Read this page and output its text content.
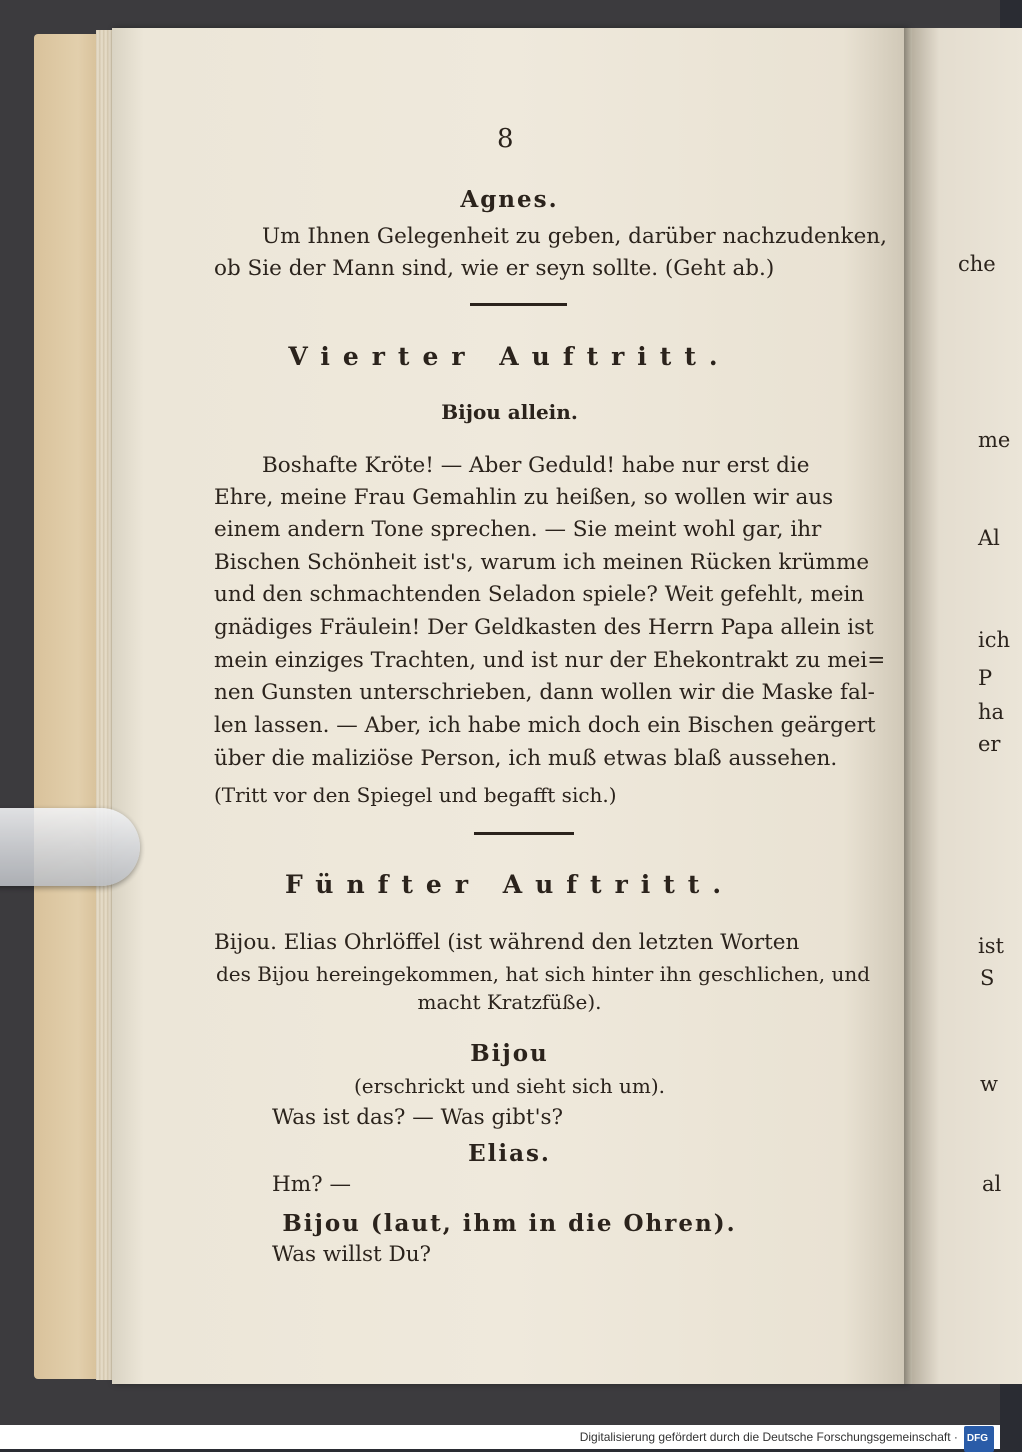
8
Agnes.
Um Ihnen Gelegenheit zu geben, darüber nachzudenken,
ob Sie der Mann sind, wie er seyn sollte. (Geht ab.)
Vierter Auftritt.
Bijou allein.
Boshafte Kröte! — Aber Geduld! habe nur erst die
Ehre, meine Frau Gemahlin zu heißen, so wollen wir aus
einem andern Tone sprechen. — Sie meint wohl gar, ihr
Bischen Schönheit ist's, warum ich meinen Rücken krümme
und den schmachtenden Seladon spiele? Weit gefehlt, mein
gnädiges Fräulein! Der Geldkasten des Herrn Papa allein ist
mein einziges Trachten, und ist nur der Ehekontrakt zu mei=
nen Gunsten unterschrieben, dann wollen wir die Maske fal-
len lassen. — Aber, ich habe mich doch ein Bischen geärgert
über die maliziöse Person, ich muß etwas blaß aussehen.
(Tritt vor den Spiegel und begafft sich.)
Fünfter Auftritt.
Bijou. Elias Ohrlöffel (ist während den letzten Worten
des Bijou hereingekommen, hat sich hinter ihn geschlichen, und
macht Kratzfüße).
Bijou
(erschrickt und sieht sich um).
Was ist das? — Was gibt's?
Elias.
Hm? —
Bijou (laut, ihm in die Ohren).
Was willst Du?
che
me
Al
ich
P
ha
er
ist
S
w
al
Digitalisierung gefördert durch die Deutsche Forschungsgemeinschaft · DFG
